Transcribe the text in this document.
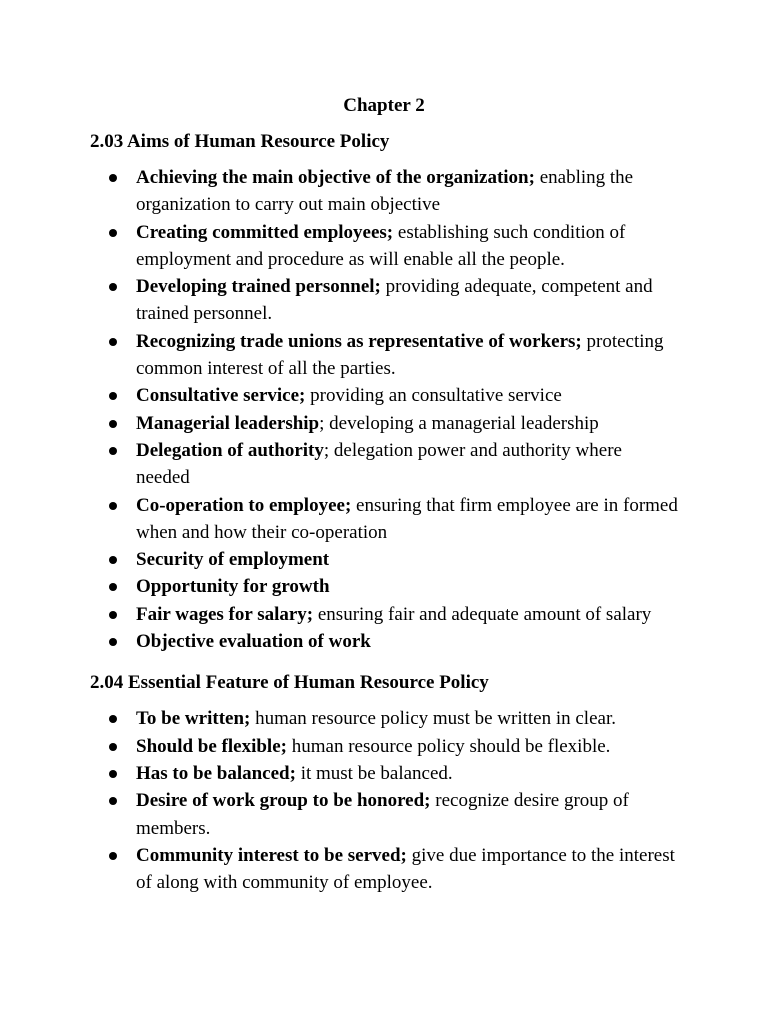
Chapter 2
2.03 Aims of Human Resource Policy
Achieving the main objective of the organization; enabling the organization to carry out main objective
Creating committed employees; establishing such condition of employment and procedure as will enable all the people.
Developing trained personnel; providing adequate, competent and trained personnel.
Recognizing trade unions as representative of workers; protecting common interest of all the parties.
Consultative service; providing an consultative service
Managerial leadership; developing a managerial leadership
Delegation of authority; delegation power and authority where needed
Co-operation to employee; ensuring that firm employee are in formed when and how their co-operation
Security of employment
Opportunity for growth
Fair wages for salary; ensuring fair and adequate amount of salary
Objective evaluation of work
2.04 Essential Feature of Human Resource Policy
To be written; human resource policy must be written in clear.
Should be flexible; human resource policy should be flexible.
Has to be balanced; it must be balanced.
Desire of work group to be honored; recognize desire group of members.
Community interest to be served; give due importance to the interest of along with community of employee.
